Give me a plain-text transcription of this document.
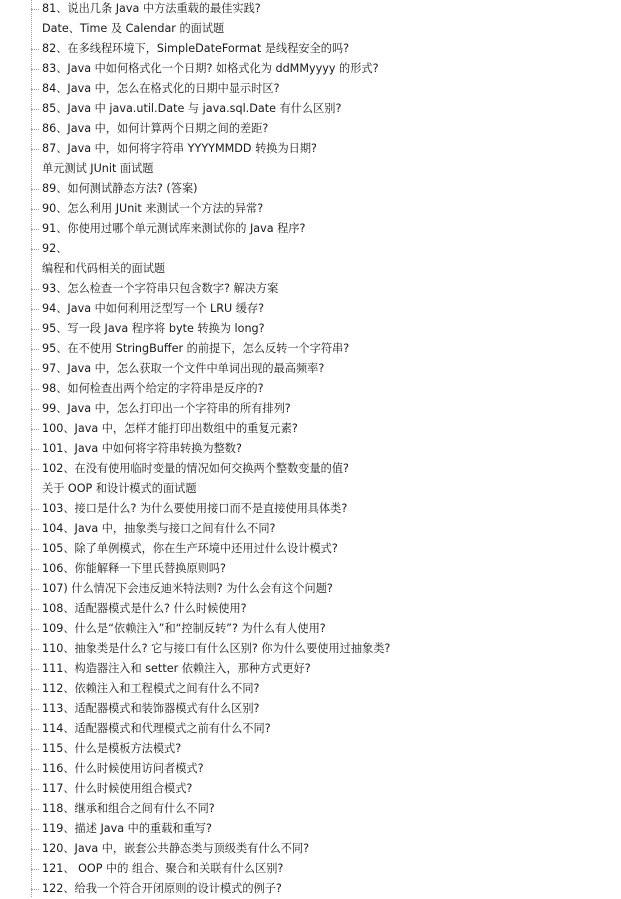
81、说出几条 Java 中方法重载的最佳实践?
Date、Time 及 Calendar 的面试题
82、在多线程环境下，SimpleDateFormat 是线程安全的吗?
83、Java 中如何格式化一个日期? 如格式化为 ddMMyyyy 的形式?
84、Java 中，怎么在格式化的日期中显示时区?
85、Java 中 java.util.Date 与 java.sql.Date 有什么区别?
86、Java 中，如何计算两个日期之间的差距?
87、Java 中，如何将字符串 YYYYMMDD 转换为日期?
单元测试 JUnit 面试题
89、如何测试静态方法? (答案)
90、怎么利用 JUnit 来测试一个方法的异常?
91、你使用过哪个单元测试库来测试你的 Java 程序?
92、
编程和代码相关的面试题
93、怎么检查一个字符串只包含数字? 解决方案
94、Java 中如何利用泛型写一个 LRU 缓存?
95、写一段 Java 程序将 byte 转换为 long?
95、在不使用 StringBuffer 的前提下，怎么反转一个字符串?
97、Java 中，怎么获取一个文件中单词出现的最高频率?
98、如何检查出两个给定的字符串是反序的?
99、Java 中，怎么打印出一个字符串的所有排列?
100、Java 中，怎样才能打印出数组中的重复元素?
101、Java 中如何将字符串转换为整数?
102、在没有使用临时变量的情况如何交换两个整数变量的值?
关于 OOP 和设计模式的面试题
103、接口是什么? 为什么要使用接口而不是直接使用具体类?
104、Java 中，抽象类与接口之间有什么不同?
105、除了单例模式，你在生产环境中还用过什么设计模式?
106、你能解释一下里氏替换原则吗?
107) 什么情况下会违反迪米特法则? 为什么会有这个问题?
108、适配器模式是什么? 什么时候使用?
109、什么是“依赖注入”和“控制反转”? 为什么有人使用?
110、抽象类是什么? 它与接口有什么区别? 你为什么要使用过抽象类?
111、构造器注入和 setter 依赖注入，那种方式更好?
112、依赖注入和工程模式之间有什么不同?
113、适配器模式和装饰器模式有什么区别?
114、适配器模式和代理模式之前有什么不同?
115、什么是模板方法模式?
116、什么时候使用访问者模式?
117、什么时候使用组合模式?
118、继承和组合之间有什么不同?
119、描述 Java 中的重载和重写?
120、Java 中，嵌套公共静态类与顶级类有什么不同?
121、 OOP 中的 组合、聚合和关联有什么区别?
122、给我一个符合开闭原则的设计模式的例子?
